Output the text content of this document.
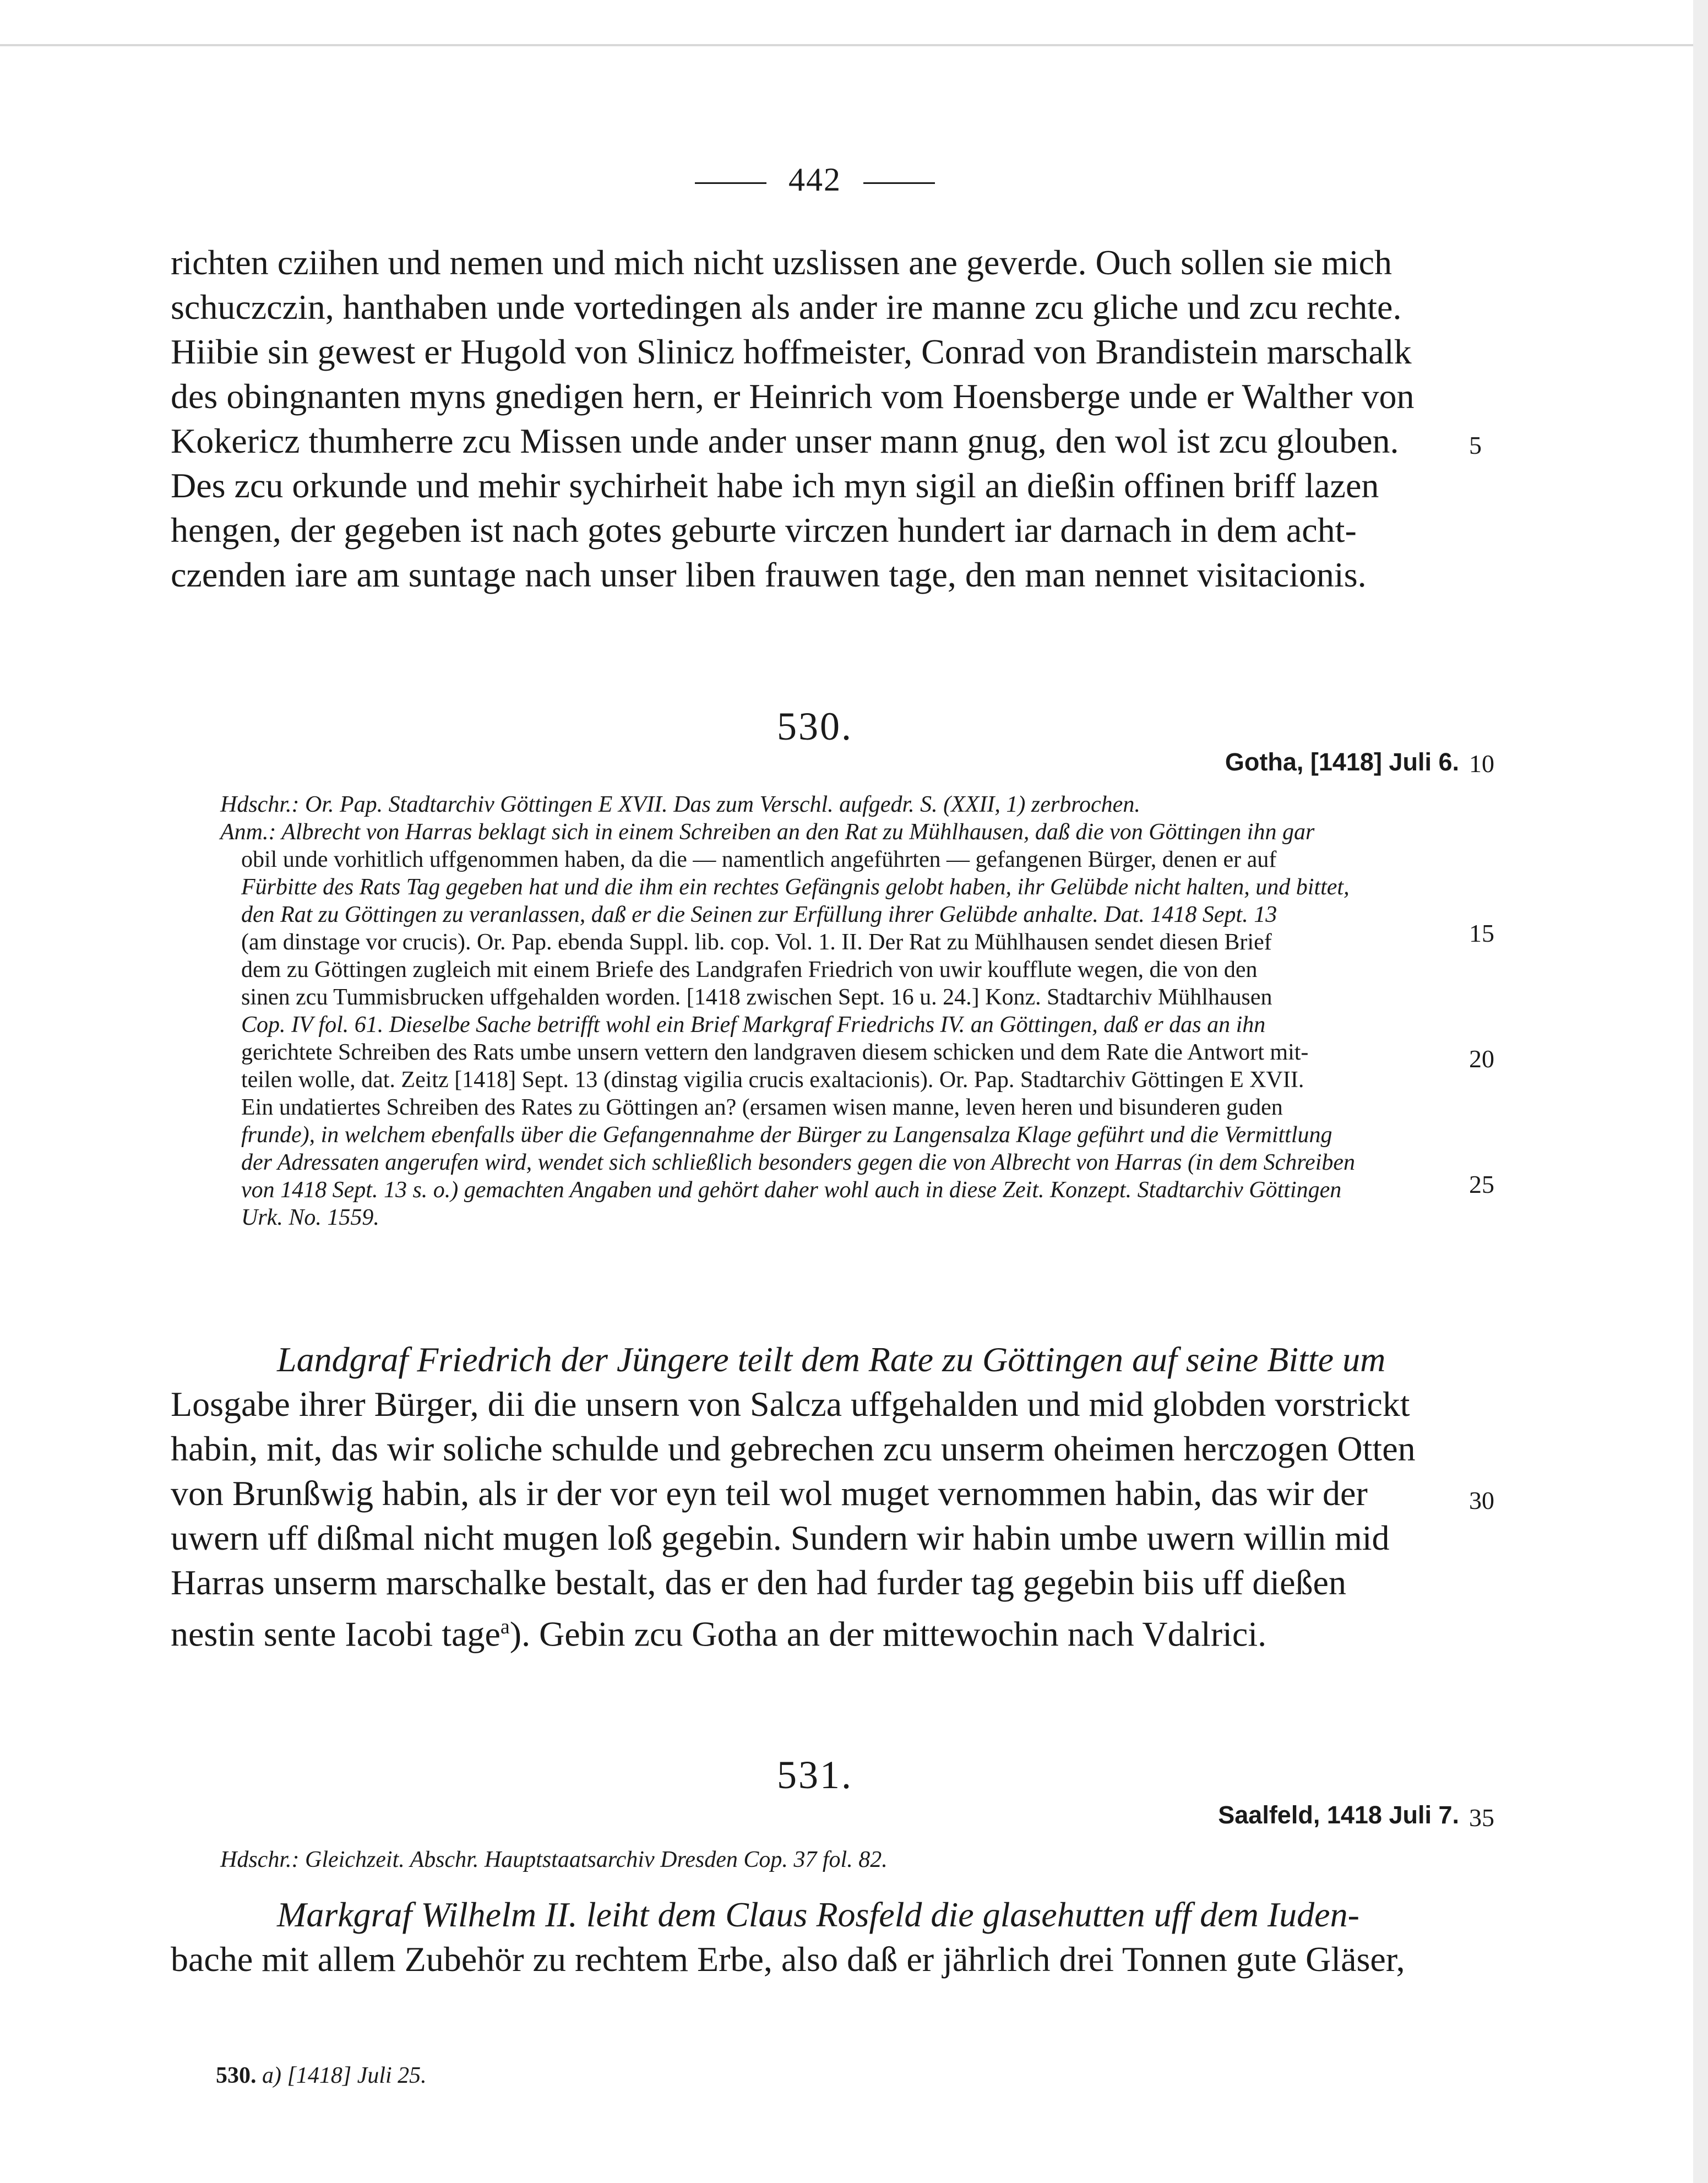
442
richten cziihen und nemen und mich nicht uzslissen ane geverde. Ouch sollen sie mich
schuczczin, hanthaben unde vortedingen als ander ire manne zcu gliche und zcu rechte.
Hiibie sin gewest er Hugold von Slinicz hoffmeister, Conrad von Brandistein marschalk
des obingnanten myns gnedigen hern, er Heinrich vom Hoensberge unde er Walther von
Kokericz thumherre zcu Missen unde ander unser mann gnug, den wol ist zcu glouben.
Des zcu orkunde und mehir sychirheit habe ich myn sigil an dießin offinen briff lazen
hengen, der gegeben ist nach gotes geburte virczen hundert iar darnach in dem acht-
czenden iare am suntage nach unser liben frauwen tage, den man nennet visitacionis.
530.
Gotha, [1418] Juli 6.
Hdschr.: Or. Pap. Stadtarchiv Göttingen E XVII. Das zum Verschl. aufgedr. S. (XXII, 1) zerbrochen.
Anm.: Albrecht von Harras beklagt sich in einem Schreiben an den Rat zu Mühlhausen, daß die von Göttingen ihn gar
obil unde vorhitlich uffgenommen haben, da die — namentlich angeführten — gefangenen Bürger, denen er auf
Fürbitte des Rats Tag gegeben hat und die ihm ein rechtes Gefängnis gelobt haben, ihr Gelübde nicht halten, und bittet,
den Rat zu Göttingen zu veranlassen, daß er die Seinen zur Erfüllung ihrer Gelübde anhalte. Dat. 1418 Sept. 13
(am dinstage vor crucis). Or. Pap. ebenda Suppl. lib. cop. Vol. 1. II. Der Rat zu Mühlhausen sendet diesen Brief
dem zu Göttingen zugleich mit einem Briefe des Landgrafen Friedrich von uwir koufflute wegen, die von den
sinen zcu Tummisbrucken uffgehalden worden. [1418 zwischen Sept. 16 u. 24.] Konz. Stadtarchiv Mühlhausen
Cop. IV fol. 61. Dieselbe Sache betrifft wohl ein Brief Markgraf Friedrichs IV. an Göttingen, daß er das an ihn
gerichtete Schreiben des Rats umbe unsern vettern den landgraven diesem schicken und dem Rate die Antwort mit-
teilen wolle, dat. Zeitz [1418] Sept. 13 (dinstag vigilia crucis exaltacionis). Or. Pap. Stadtarchiv Göttingen E XVII.
Ein undatiertes Schreiben des Rates zu Göttingen an? (ersamen wisen manne, leven heren und bisunderen guden
frunde), in welchem ebenfalls über die Gefangennahme der Bürger zu Langensalza Klage geführt und die Vermittlung
der Adressaten angerufen wird, wendet sich schließlich besonders gegen die von Albrecht von Harras (in dem Schreiben
von 1418 Sept. 13 s. o.) gemachten Angaben und gehört daher wohl auch in diese Zeit. Konzept. Stadtarchiv Göttingen
Urk. No. 1559.
Landgraf Friedrich der Jüngere teilt dem Rate zu Göttingen auf seine Bitte um
Losgabe ihrer Bürger, dii die unsern von Salcza uffgehalden und mid globden vorstrickt
habin, mit, das wir soliche schulde und gebrechen zcu unserm oheimen herczogen Otten
von Brunßwig habin, als ir der vor eyn teil wol muget vernommen habin, das wir der
uwern uff dißmal nicht mugen loß gegebin. Sundern wir habin umbe uwern willin mid
Harras unserm marschalke bestalt, das er den had furder tag gegebin biis uff dießen
nestin sente Iacobi tage$^a$). Gebin zcu Gotha an der mittewochin nach Vdalrici.
531.
Saalfeld, 1418 Juli 7.
Hdschr.: Gleichzeit. Abschr. Hauptstaatsarchiv Dresden Cop. 37 fol. 82.
Markgraf Wilhelm II. leiht dem Claus Rosfeld die glasehutten uff dem Iuden-
bache mit allem Zubehör zu rechtem Erbe, also daß er jährlich drei Tonnen gute Gläser,
5
10
15
20
25
30
35
530. a) [1418] Juli 25.
